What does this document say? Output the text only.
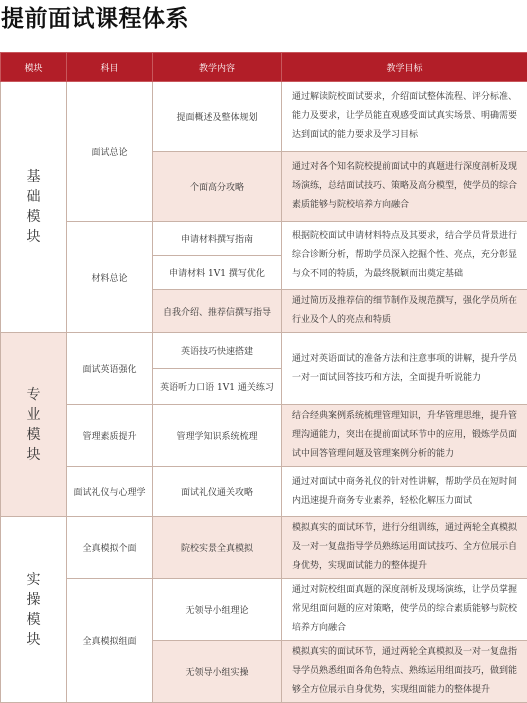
提前面试课程体系
模块	科目	教学内容	教学目标
基础模块	面试总论	提面概述及整体规划	通过解读院校面试要求，介绍面试整体流程、评分标准、能力及要求，让学员能直观感受面试真实场景、明确需要达到面试的能力要求及学习目标
		个面高分攻略	通过对各个知名院校提前面试中的真题进行深度剖析及现场演练，总结面试技巧、策略及高分模型，使学员的综合素质能够与院校培养方向融合
	材料总论	申请材料撰写指南	根据院校面试申请材料特点及其要求，结合学员背景进行综合诊断分析，帮助学员深入挖掘个性、亮点，充分彰显与众不同的特质，为最终脱颖而出奠定基础
		申请材料 1V1 撰写优化	
		自我介绍、推荐信撰写指导	通过简历及推荐信的细节制作及规范撰写，强化学员所在行业及个人的亮点和特质
专业模块	面试英语强化	英语技巧快速搭建	通过对英语面试的准备方法和注意事项的讲解，提升学员一对一面试回答技巧和方法，全面提升听说能力
		英语听力口语 1V1 通关练习	
	管理素质提升	管理学知识系统梳理	结合经典案例系统梳理管理知识，升华管理思维，提升管理沟通能力，突出在提前面试环节中的应用，锻炼学员面试中回答管理问题及管理案例分析的能力
	面试礼仪与心理学	面试礼仪通关攻略	通过对面试中商务礼仪的针对性讲解，帮助学员在短时间内迅速提升商务专业素养，轻松化解压力面试
实操模块	全真模拟个面	院校实景全真模拟	模拟真实的面试环节，进行分组训练，通过两轮全真模拟及一对一复盘指导学员熟练运用面试技巧、全方位展示自身优势，实现面试能力的整体提升
	全真模拟组面	无领导小组理论	通过对院校组面真题的深度剖析及现场演练，让学员掌握常见组面问题的应对策略，使学员的综合素质能够与院校培养方向融合
		无领导小组实操	模拟真实的面试环节，通过两轮全真模拟及一对一复盘指导学员熟悉组面各角色特点、熟练运用组面技巧，做到能够全方位展示自身优势，实现组面能力的整体提升
